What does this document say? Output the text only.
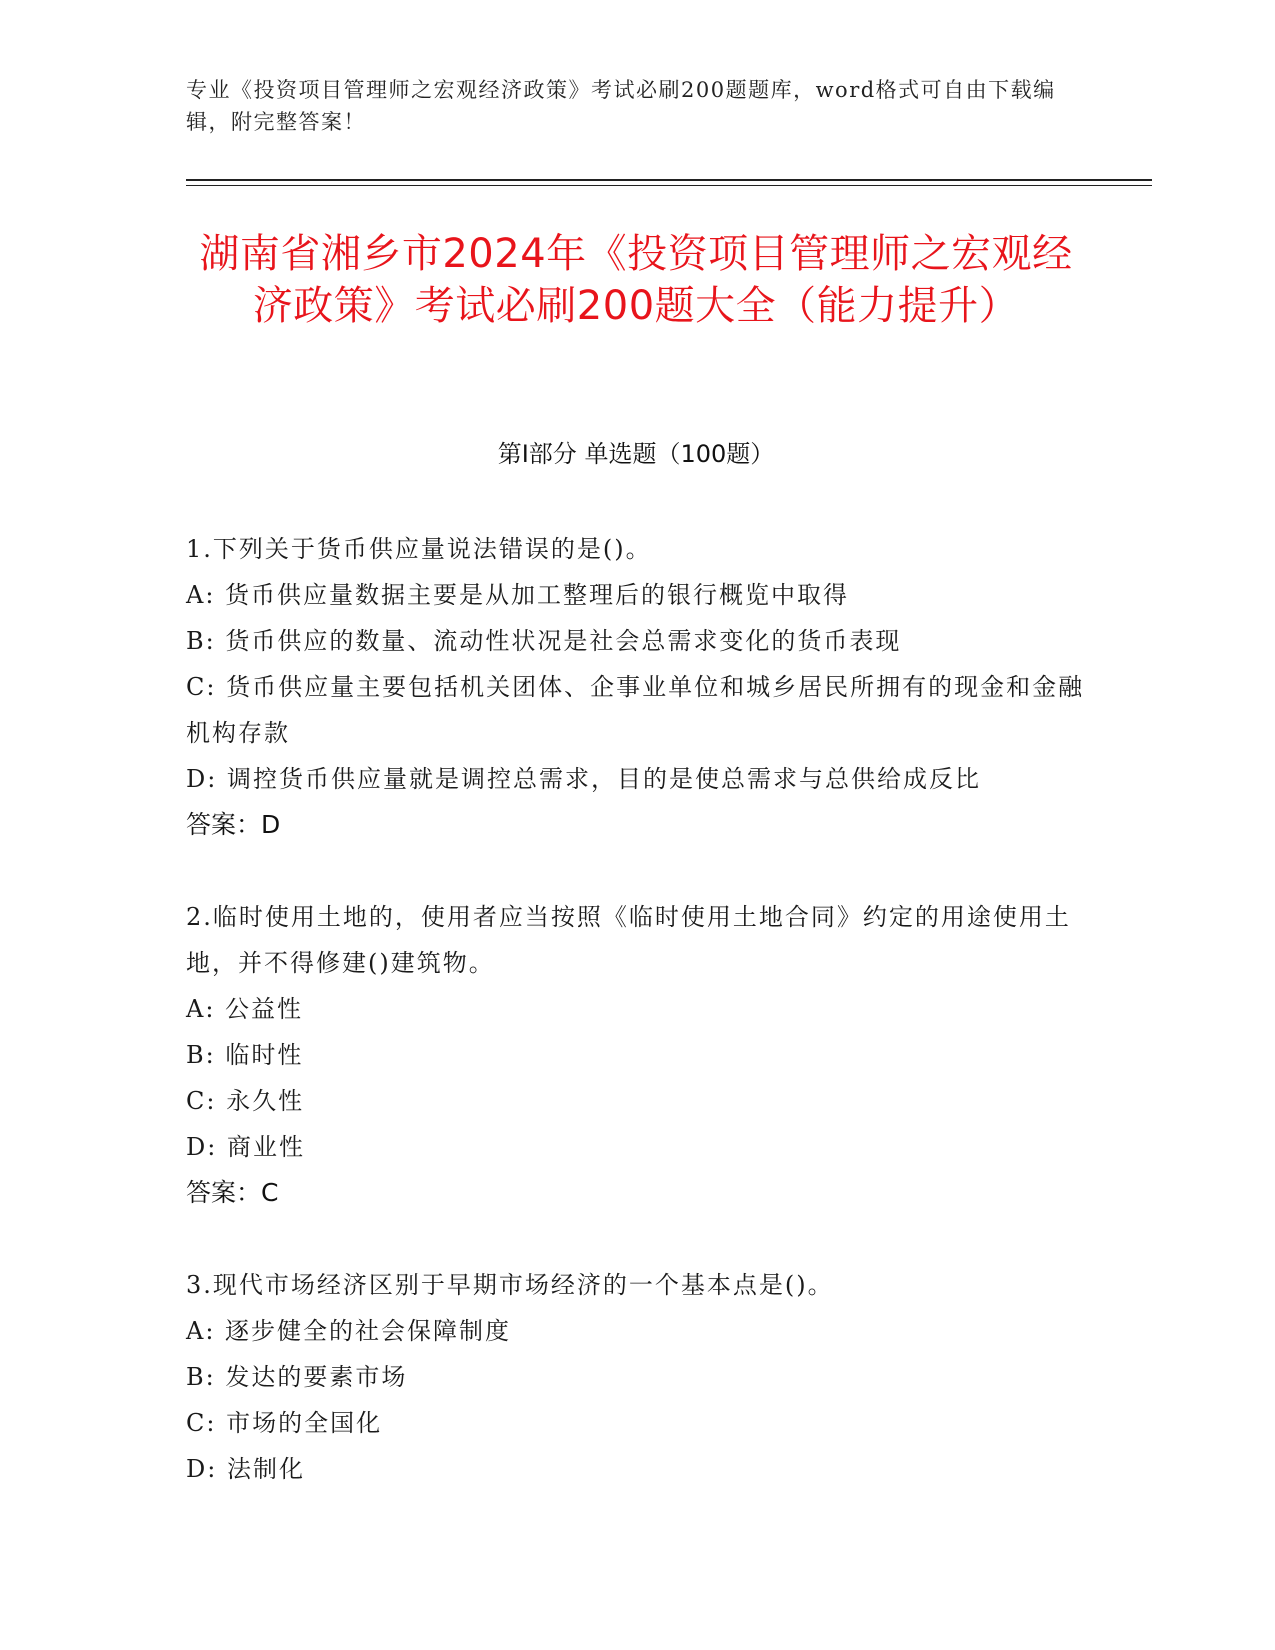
专业《投资项目管理师之宏观经济政策》考试必刷200题题库，word格式可自由下载编辑，附完整答案！
湖南省湘乡市2024年《投资项目管理师之宏观经济政策》考试必刷200题大全（能力提升）
第I部分 单选题（100题）

1.下列关于货币供应量说法错误的是()。

A: 货币供应量数据主要是从加工整理后的银行概览中取得

B: 货币供应的数量、流动性状况是社会总需求变化的货币表现

C: 货币供应量主要包括机关团体、企事业单位和城乡居民所拥有的现金和金融机构存款

D: 调控货币供应量就是调控总需求，目的是使总需求与总供给成反比

答案：D

2.临时使用土地的，使用者应当按照《临时使用土地合同》约定的用途使用土地，并不得修建()建筑物。

A: 公益性

B: 临时性

C: 永久性

D: 商业性

答案：C

3.现代市场经济区别于早期市场经济的一个基本点是()。

A: 逐步健全的社会保障制度

B: 发达的要素市场

C: 市场的全国化

D: 法制化
